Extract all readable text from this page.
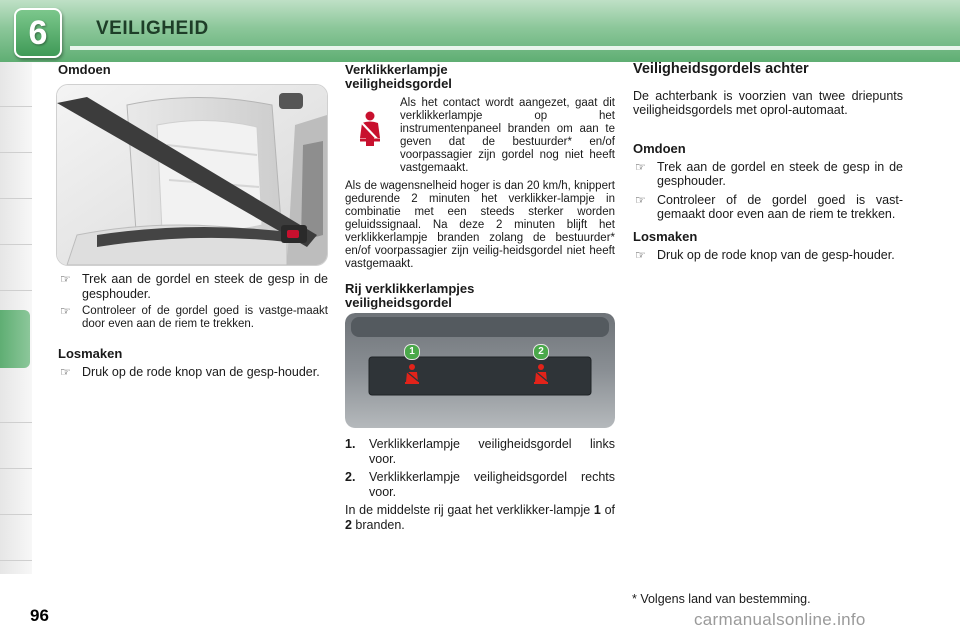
6	VEILIGHEID
Omdoen
☞ Trek aan de gordel en steek de gesp in de gesphouder.
☞ Controleer of de gordel goed is vastge-maakt door even aan de riem te trekken.
Losmaken
☞ Druk op de rode knop van de gesp-houder.
Verklikkerlampje veiligheidsgordel
Als het contact wordt aangezet, gaat dit verklikkerlampje op het instrumentenpaneel branden om aan te geven dat de bestuurder* en/of voorpassagier zijn gordel nog niet heeft vastgemaakt.
Als de wagensnelheid hoger is dan 20 km/h, knippert gedurende 2 minuten het verklikker-lampje in combinatie met een steeds sterker worden geluidssignaal. Na deze 2 minuten blijft het verklikkerlampje branden zolang de bestuurder* en/of voorpassagier zijn veilig-heidsgordel niet heeft vastgemaakt.
Rij verklikkerlampjes veiligheidsgordel
1	2
1. Verklikkerlampje veiligheidsgordel links voor.
2. Verklikkerlampje veiligheidsgordel rechts voor.

In de middelste rij gaat het verklikker-lampje 1 of 2 branden.

Veiligheidsgordels achter

De achterbank is voorzien van twee driepunts veiligheidsgordels met oprol-automaat.

Omdoen
☞ Trek aan de gordel en steek de gesp in de gesphouder.
☞ Controleer of de gordel goed is vast-gemaakt door even aan de riem te trekken.
Losmaken
☞ Druk op de rode knop van de gesp-houder.
* Volgens land van bestemming.
96	carmanualsonline.info
